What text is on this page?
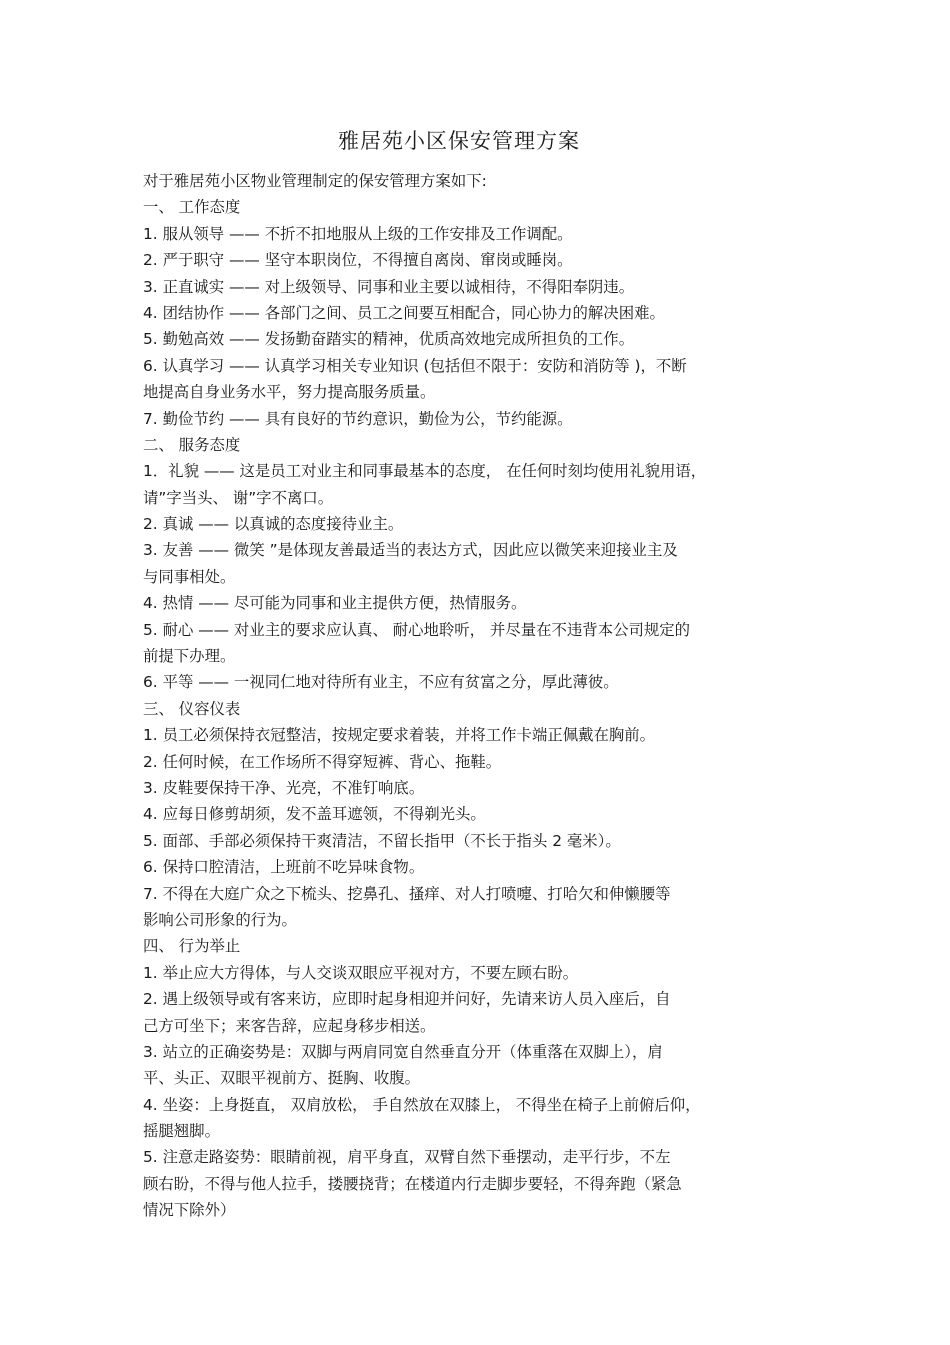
雅居苑小区保安管理方案
对于雅居苑小区物业管理制定的保安管理方案如下:
一、 工作态度
1. 服从领导 —— 不折不扣地服从上级的工作安排及工作调配。
2. 严于职守 —— 坚守本职岗位，不得擅自离岗、窜岗或睡岗。
3. 正直诚实 —— 对上级领导、同事和业主要以诚相待，不得阳奉阴违。
4. 团结协作 —— 各部门之间、员工之间要互相配合，同心协力的解决困难。
5. 勤勉高效 —— 发扬勤奋踏实的精神，优质高效地完成所担负的工作。
6. 认真学习 —— 认真学习相关专业知识 (包括但不限于：安防和消防等 )，不断
地提高自身业务水平，努力提高服务质量。
7. 勤俭节约 —— 具有良好的节约意识，勤俭为公，节约能源。
二、 服务态度
1．礼貌 —— 这是员工对业主和同事最基本的态度， 在任何时刻均使用礼貌用语，
请”字当头、 谢”字不离口。
2. 真诚 —— 以真诚的态度接待业主。
3. 友善 —— 微笑 ”是体现友善最适当的表达方式，因此应以微笑来迎接业主及
与同事相处。
4. 热情 —— 尽可能为同事和业主提供方便，热情服务。
5. 耐心 —— 对业主的要求应认真、 耐心地聆听， 并尽量在不违背本公司规定的
前提下办理。
6. 平等 —— 一视同仁地对待所有业主，不应有贫富之分，厚此薄彼。
三、 仪容仪表
1. 员工必须保持衣冠整洁，按规定要求着装，并将工作卡端正佩戴在胸前。
2. 任何时候，在工作场所不得穿短裤、背心、拖鞋。
3. 皮鞋要保持干净、光亮，不准钉响底。
4. 应每日修剪胡须，发不盖耳遮领，不得剃光头。
5. 面部、手部必须保持干爽清洁，不留长指甲（不长于指头 2 毫米）。
6. 保持口腔清洁，上班前不吃异味食物。
7. 不得在大庭广众之下梳头、挖鼻孔、搔痒、对人打喷嚏、打哈欠和伸懒腰等
影响公司形象的行为。
四、 行为举止
1. 举止应大方得体，与人交谈双眼应平视对方，不要左顾右盼。
2. 遇上级领导或有客来访，应即时起身相迎并问好，先请来访人员入座后，自
己方可坐下；来客告辞，应起身移步相送。
3. 站立的正确姿势是：双脚与两肩同宽自然垂直分开（体重落在双脚上），肩
平、头正、双眼平视前方、挺胸、收腹。
4. 坐姿：上身挺直， 双肩放松， 手自然放在双膝上， 不得坐在椅子上前俯后仰，
摇腿翘脚。
5. 注意走路姿势：眼睛前视，肩平身直，双臂自然下垂摆动，走平行步，不左
顾右盼，不得与他人拉手，搂腰挠背；在楼道内行走脚步要轻，不得奔跑（紧急
情况下除外）
